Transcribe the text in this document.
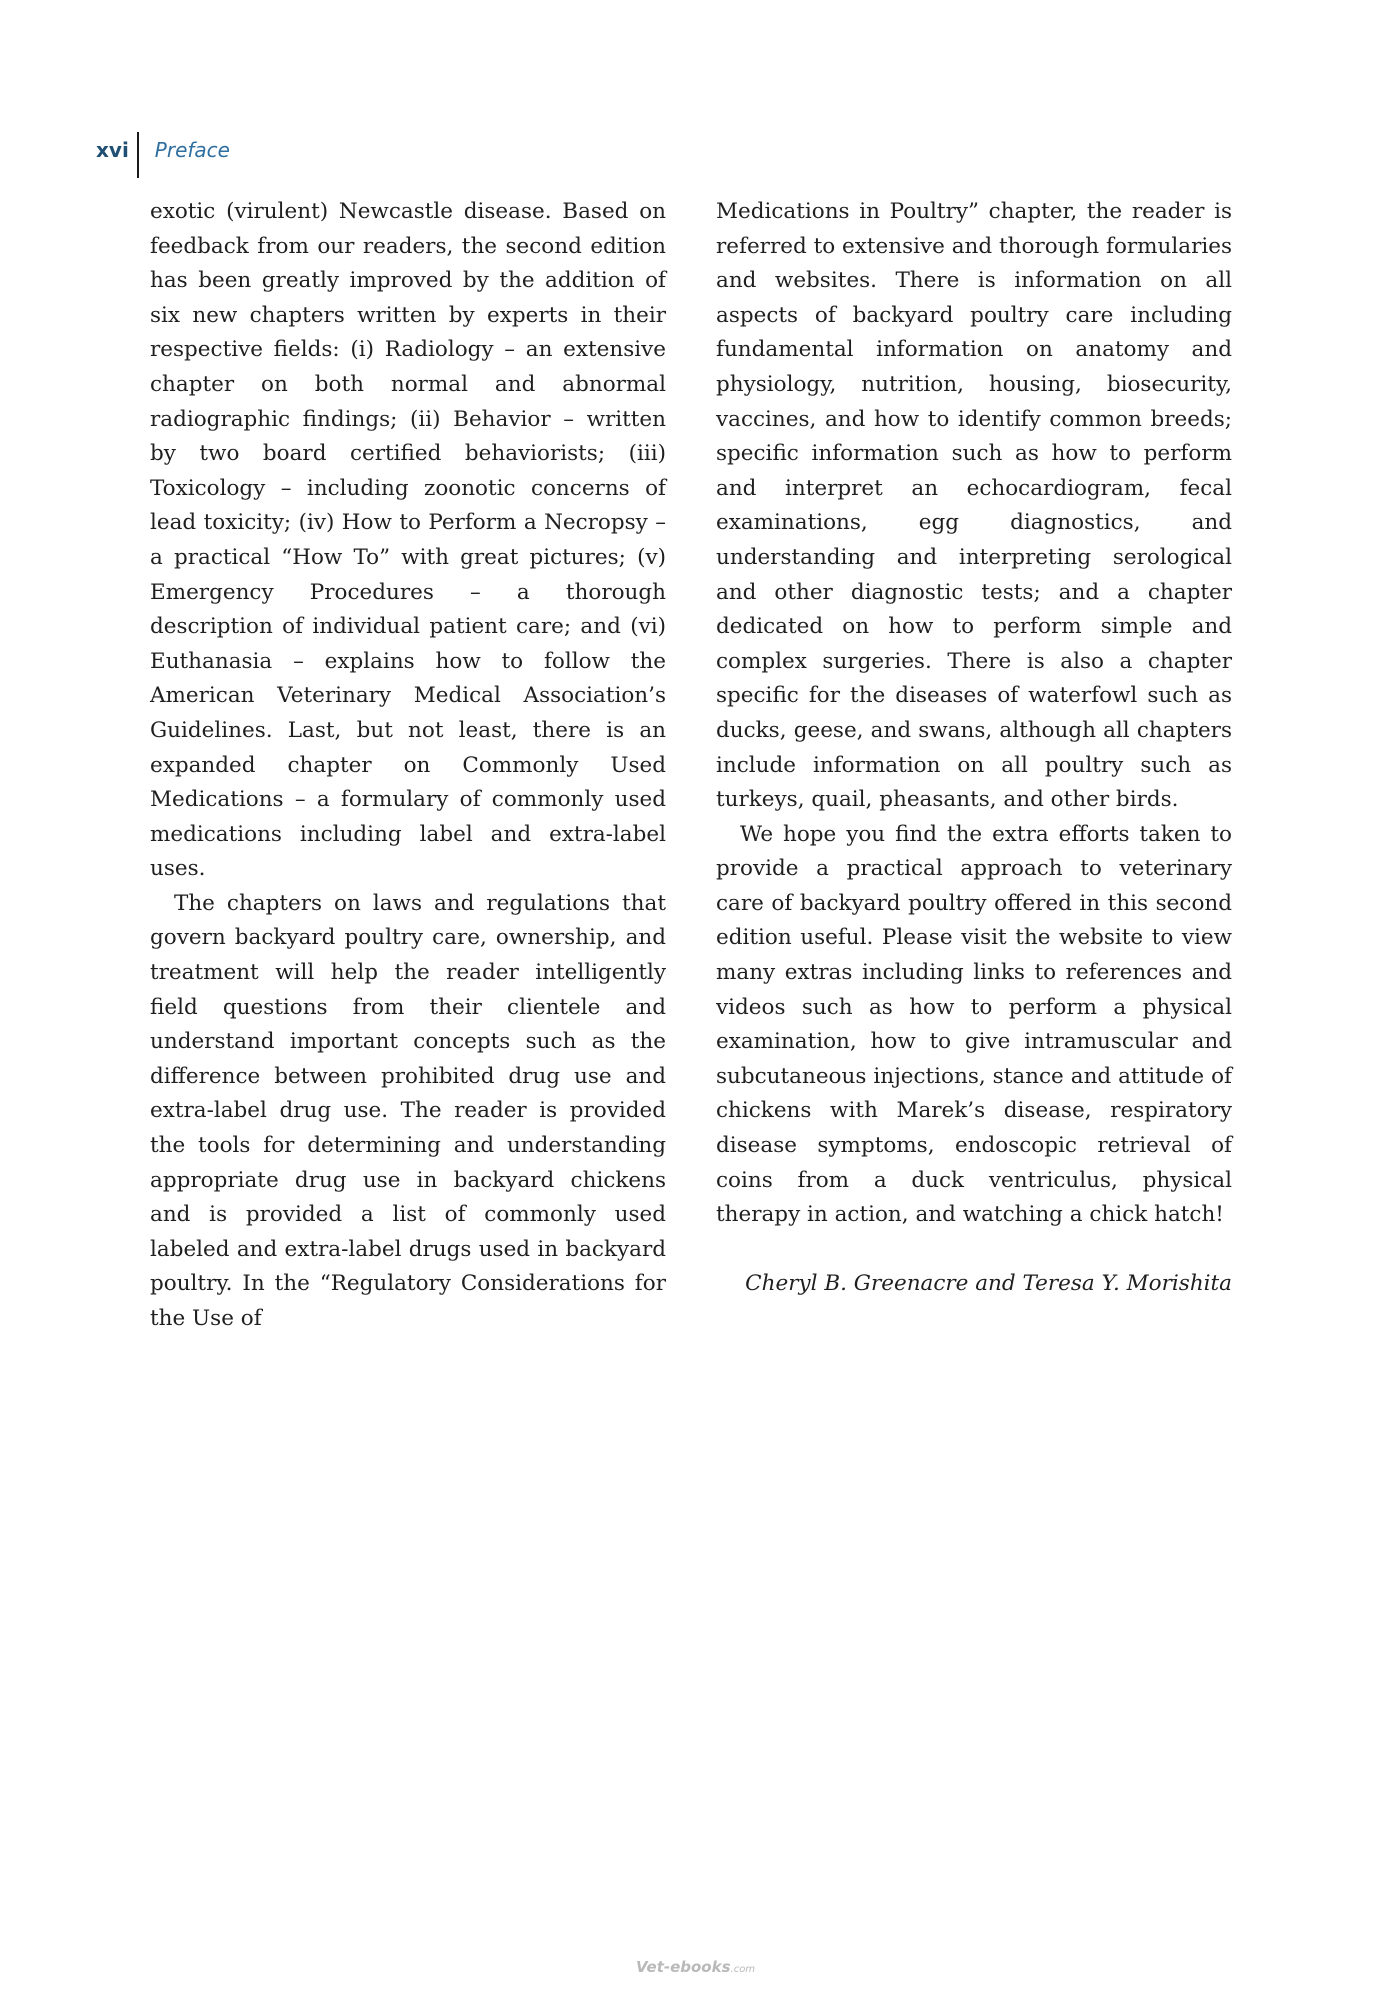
xvi	Preface

exotic (virulent) Newcastle disease. Based on feedback from our readers, the second edition has been greatly improved by the addition of six new chapters written by experts in their respective fields: (i) Radiology – an extensive chapter on both normal and abnormal radiographic findings; (ii) Behavior – written by two board certified behaviorists; (iii) Toxicology – including zoonotic concerns of lead toxicity; (iv) How to Perform a Necropsy – a practical “How To” with great pictures; (v) Emergency Procedures – a thorough description of individual patient care; and (vi) Euthanasia – explains how to follow the American Veterinary Medical Association’s Guidelines. Last, but not least, there is an expanded chapter on Commonly Used Medications – a formulary of commonly used medications including label and extra-label uses.

The chapters on laws and regulations that govern backyard poultry care, ownership, and treatment will help the reader intelligently field questions from their clientele and understand important concepts such as the difference between prohibited drug use and extra-label drug use. The reader is provided the tools for determining and understanding appropriate drug use in backyard chickens and is provided a list of commonly used labeled and extra-label drugs used in backyard poultry. In the “Regulatory Considerations for the Use of

Medications in Poultry” chapter, the reader is referred to extensive and thorough formularies and websites. There is information on all aspects of backyard poultry care including fundamental information on anatomy and physiology, nutrition, housing, biosecurity, vaccines, and how to identify common breeds; specific information such as how to perform and interpret an echocardiogram, fecal examinations, egg diagnostics, and understanding and interpreting serological and other diagnostic tests; and a chapter dedicated on how to perform simple and complex surgeries. There is also a chapter specific for the diseases of waterfowl such as ducks, geese, and swans, although all chapters include information on all poultry such as turkeys, quail, pheasants, and other birds.

We hope you find the extra efforts taken to provide a practical approach to veterinary care of backyard poultry offered in this second edition useful. Please visit the website to view many extras including links to references and videos such as how to perform a physical examination, how to give intramuscular and subcutaneous injections, stance and attitude of chickens with Marek’s disease, respiratory disease symptoms, endoscopic retrieval of coins from a duck ventriculus, physical therapy in action, and watching a chick hatch!

Cheryl B. Greenacre and Teresa Y. Morishita

Vet-ebooks.com
